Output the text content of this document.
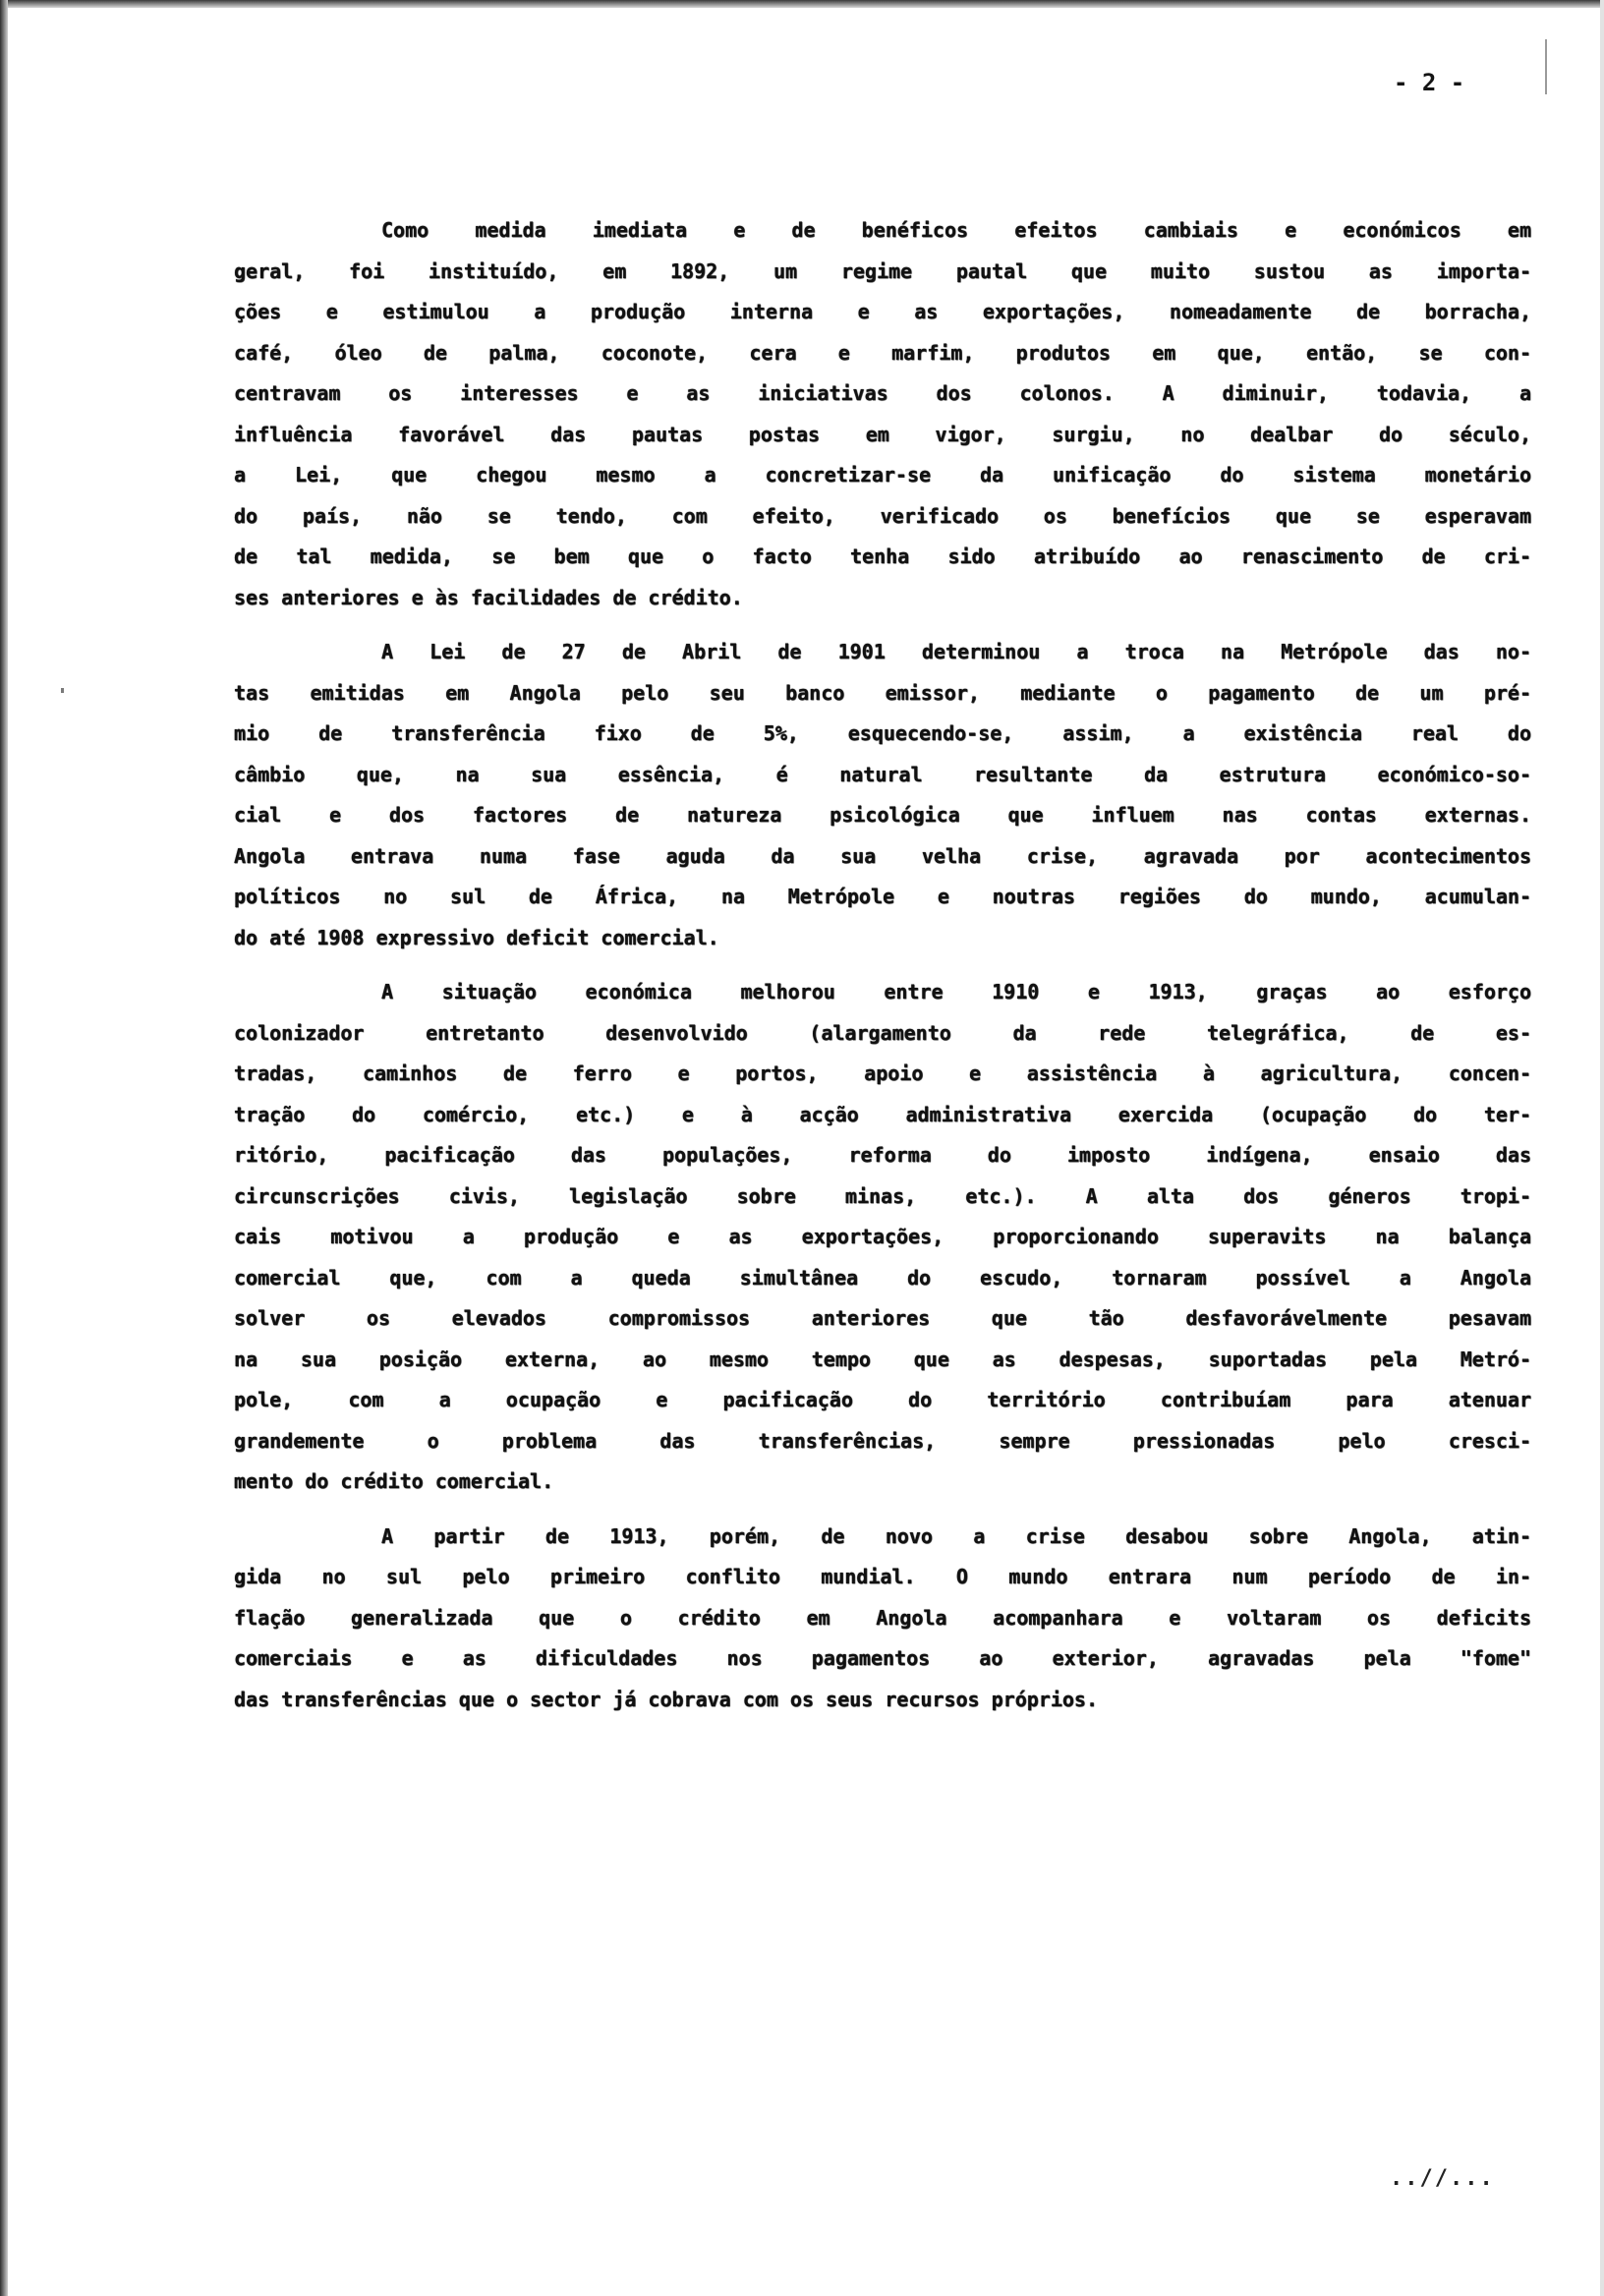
- 2 -

Como medida imediata e de benéficos efeitos cambiais e económicos em

geral, foi instituído, em 1892, um regime pautal que muito sustou as importa-

ções e estimulou a produção interna e as exportações, nomeadamente de borracha,

café, óleo de palma, coconote, cera e marfim, produtos em que, então, se con-

centravam os interesses e as iniciativas dos colonos. A diminuir, todavia, a

influência favorável das pautas postas em vigor, surgiu, no dealbar do século,

a Lei, que chegou mesmo a concretizar-se da unificação do sistema monetário

do país, não se tendo, com efeito, verificado os benefícios que se esperavam

de tal medida, se bem que o facto tenha sido atribuído ao renascimento de cri-

ses anteriores e às facilidades de crédito.

A Lei de 27 de Abril de 1901 determinou a troca na Metrópole das no-

tas emitidas em Angola pelo seu banco emissor, mediante o pagamento de um pré-

mio de transferência fixo de 5%, esquecendo-se, assim, a existência real do

câmbio que, na sua essência, é natural resultante da estrutura económico-so-

cial e dos factores de natureza psicológica que influem nas contas externas.

Angola entrava numa fase aguda da sua velha crise, agravada por acontecimentos

políticos no sul de África, na Metrópole e noutras regiões do mundo, acumulan-

do até 1908 expressivo deficit comercial.

A situação económica melhorou entre 1910 e 1913, graças ao esforço

colonizador entretanto desenvolvido (alargamento da rede telegráfica, de es-

tradas, caminhos de ferro e portos, apoio e assistência à agricultura, concen-

tração do comércio, etc.) e à acção administrativa exercida (ocupação do ter-

ritório, pacificação das populações, reforma do imposto indígena, ensaio das

circunscrições civis, legislação sobre minas, etc.). A alta dos géneros tropi-

cais motivou a produção e as exportações, proporcionando superavits na balança

comercial que, com a queda simultânea do escudo, tornaram possível a Angola

solver os elevados compromissos anteriores que tão desfavorávelmente pesavam

na sua posição externa, ao mesmo tempo que as despesas, suportadas pela Metró-

pole, com a ocupação e pacificação do território contribuíam para atenuar

grandemente o problema das transferências, sempre pressionadas pelo cresci-

mento do crédito comercial.

A partir de 1913, porém, de novo a crise desabou sobre Angola, atin-

gida no sul pelo primeiro conflito mundial. O mundo entrara num período de in-

flação generalizada que o crédito em Angola acompanhara e voltaram os deficits

comerciais e as dificuldades nos pagamentos ao exterior, agravadas pela "fome"

das transferências que o sector já cobrava com os seus recursos próprios.

..//...
